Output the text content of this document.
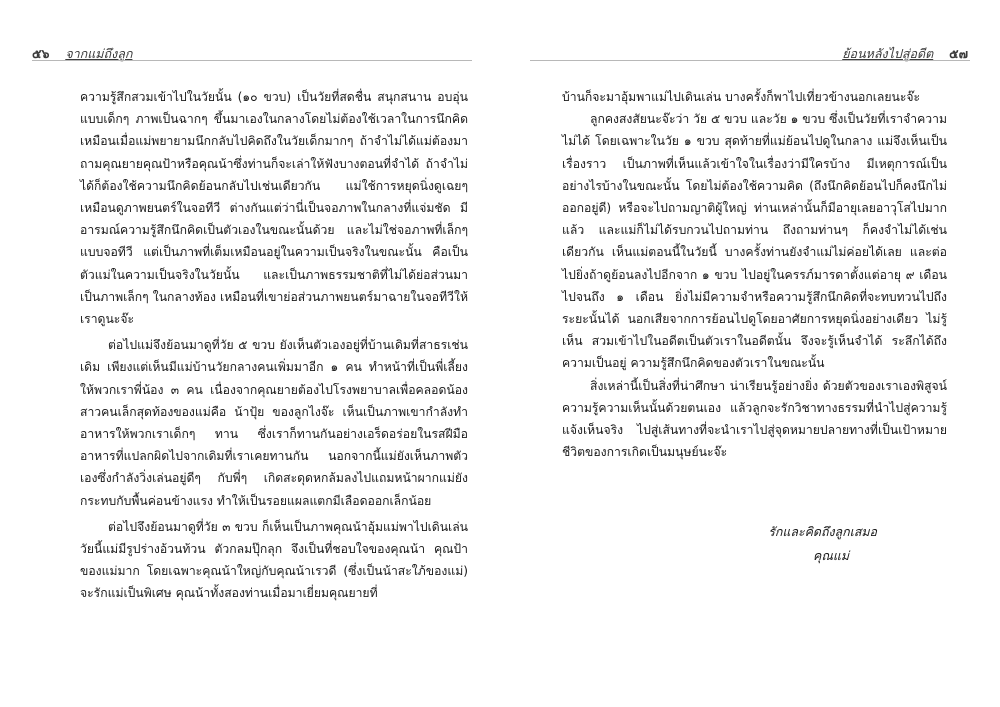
๕๖ จากแม่ถึงลูก

ความรู้สึกสวมเข้าไปในวัยนั้น (๑๐ ขวบ) เป็นวัยที่สดชื่น สนุกสนาน อบอุ่นแบบเด็กๆ ภาพเป็นฉากๆ ขึ้นมาเองในกลางโดยไม่ต้องใช้เวลาในการนึกคิดเหมือนเมื่อแม่พยายามนึกกลับไปคิดถึงในวัยเด็กมากๆ ถ้าจำไม่ได้แม่ต้องมาถามคุณยายคุณป้าหรือคุณน้าซึ่งท่านก็จะเล่าให้ฟังบางตอนที่จำได้ ถ้าจำไม่ได้ก็ต้องใช้ความนึกคิดย้อนกลับไปเช่นเดียวกัน แม่ใช้การหยุดนิ่งดูเฉยๆ เหมือนดูภาพยนตร์ในจอทีวี ต่างกันแต่ว่านี่เป็นจอภาพในกลางที่แจ่มชัด มีอารมณ์ความรู้สึกนึกคิดเป็นตัวเองในขณะนั้นด้วย และไม่ใช่จอภาพที่เล็กๆ แบบจอทีวี แต่เป็นภาพที่เต็มเหมือนอยู่ในความเป็นจริงในขณะนั้น คือเป็นตัวแม่ในความเป็นจริงในวัยนั้น และเป็นภาพธรรมชาติที่ไม่ได้ย่อส่วนมาเป็นภาพเล็กๆ ในกลางท้อง เหมือนที่เขาย่อส่วนภาพยนตร์มาฉายในจอทีวีให้เราดูนะจ๊ะ

ต่อไปแม่จึงย้อนมาดูที่วัย ๕ ขวบ ยังเห็นตัวเองอยู่ที่บ้านเดิมที่สาธรเช่นเดิม เพียงแต่เห็นมีแม่บ้านวัยกลางคนเพิ่มมาอีก ๑ คน ทำหน้าที่เป็นพี่เลี้ยงให้พวกเราพี่น้อง ๓ คน เนื่องจากคุณยายต้องไปโรงพยาบาลเพื่อคลอดน้องสาวคนเล็กสุดท้องของแม่คือ น้าปุ้ย ของลูกไงจ๊ะ เห็นเป็นภาพเขากำลังทำอาหารให้พวกเราเด็กๆ ทาน ซึ่งเราก็ทานกันอย่างเอร็ดอร่อยในรสฝีมืออาหารที่แปลกผิดไปจากเดิมที่เราเคยทานกัน นอกจากนี้แม่ยังเห็นภาพตัวเองซึ่งกำลังวิ่งเล่นอยู่ดีๆ กับพี่ๆ เกิดสะดุดหกล้มลงไปแถมหน้าผากแม่ยังกระทบกับพื้นค่อนข้างแรง ทำให้เป็นรอยแผลแตกมีเลือดออกเล็กน้อย

ต่อไปจึงย้อนมาดูที่วัย ๓ ขวบ ก็เห็นเป็นภาพคุณน้าอุ้มแม่พาไปเดินเล่น วัยนี้แม่มีรูปร่างอ้วนท้วน ตัวกลมปุ๊กลุก จึงเป็นที่ชอบใจของคุณน้า คุณป้าของแม่มาก โดยเฉพาะคุณน้าใหญ่กับคุณน้าเรวดี (ซึ่งเป็นน้าสะใภ้ของแม่) จะรักแม่เป็นพิเศษ คุณน้าทั้งสองท่านเมื่อมาเยี่ยมคุณยายที่

ย้อนหลังไปสู่อดีต ๕๗

บ้านก็จะมาอุ้มพาแม่ไปเดินเล่น บางครั้งก็พาไปเที่ยวข้างนอกเลยนะจ๊ะ

ลูกคงสงสัยนะจ๊ะว่า วัย ๕ ขวบ และวัย ๑ ขวบ ซึ่งเป็นวัยที่เราจำความไม่ได้ โดยเฉพาะในวัย ๑ ขวบ สุดท้ายที่แม่ย้อนไปดูในกลาง แม่จึงเห็นเป็นเรื่องราว เป็นภาพที่เห็นแล้วเข้าใจในเรื่องว่ามีใครบ้าง มีเหตุการณ์เป็นอย่างไรบ้างในขณะนั้น โดยไม่ต้องใช้ความคิด (ถึงนึกคิดย้อนไปก็คงนึกไม่ออกอยู่ดี) หรือจะไปถามญาติผู้ใหญ่ ท่านเหล่านั้นก็มีอายุเลยอาวุโสไปมากแล้ว และแม่ก็ไม่ได้รบกวนไปถามท่าน ถึงถามท่านๆ ก็คงจำไม่ได้เช่นเดียวกัน เห็นแม่ตอนนี้ในวัยนี้ บางครั้งท่านยังจำแม่ไม่ค่อยได้เลย และต่อไปยิ่งถ้าดูย้อนลงไปอีกจาก ๑ ขวบ ไปอยู่ในครรภ์มารดาตั้งแต่อายุ ๙ เดือนไปจนถึง ๑ เดือน ยิ่งไม่มีความจำหรือความรู้สึกนึกคิดที่จะทบทวนไปถึงระยะนั้นได้ นอกเสียจากการย้อนไปดูโดยอาศัยการหยุดนิ่งอย่างเดียว ไม่รู้เห็น สวมเข้าไปในอดีตเป็นตัวเราในอดีตนั้น จึงจะรู้เห็นจำได้ ระลึกได้ถึงความเป็นอยู่ ความรู้สึกนึกคิดของตัวเราในขณะนั้น

สิ่งเหล่านี้เป็นสิ่งที่น่าศึกษา น่าเรียนรู้อย่างยิ่ง ด้วยตัวของเราเองพิสูจน์ความรู้ความเห็นนั้นด้วยตนเอง แล้วลูกจะรักวิชาทางธรรมที่นำไปสู่ความรู้แจ้งเห็นจริง ไปสู่เส้นทางที่จะนำเราไปสู่จุดหมายปลายทางที่เป็นเป้าหมายชีวิตของการเกิดเป็นมนุษย์นะจ๊ะ

รักและคิดถึงลูกเสมอ
คุณแม่
